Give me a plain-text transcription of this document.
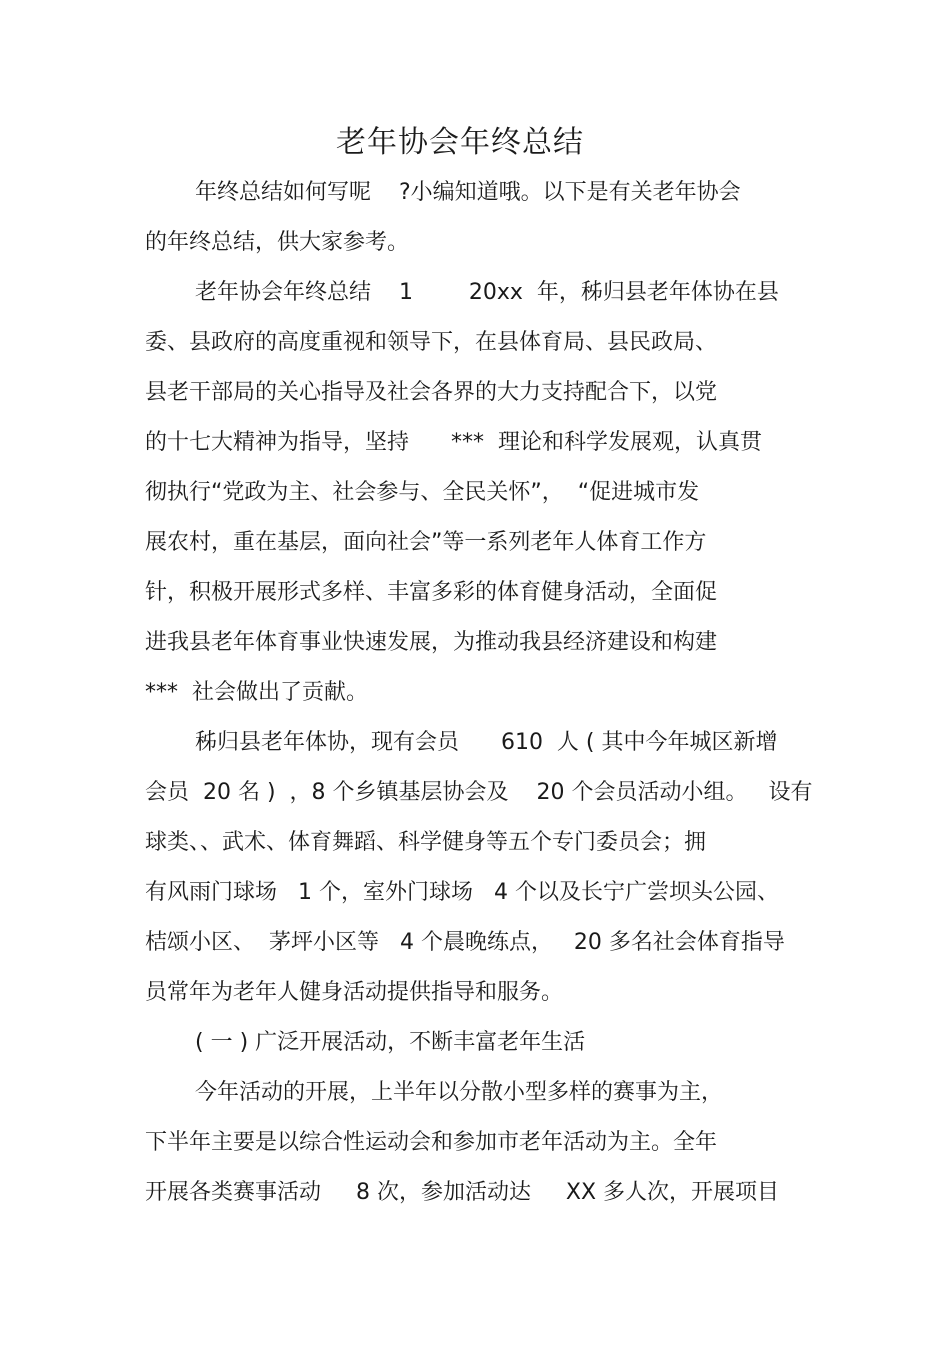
老年协会年终总结
年终总结如何写呢    ?小编知道哦。以下是有关老年协会
的年终总结，供大家参考。
老年协会年终总结    1        20xx  年，秭归县老年体协在县
委、县政府的高度重视和领导下，在县体育局、县民政局、
县老干部局的关心指导及社会各界的大力支持配合下，以党
的十七大精神为指导，坚持      ***  理论和科学发展观，认真贯
彻执行“党政为主、社会参与、全民关怀”，  “促进城市发
展农村，重在基层，面向社会”等一系列老年人体育工作方
针，积极开展形式多样、丰富多彩的体育健身活动，全面促
进我县老年体育事业快速发展，为推动我县经济建设和构建
***  社会做出了贡献。
秭归县老年体协，现有会员      610  人 ( 其中今年城区新增
会员  20 名 )  ，8 个乡镇基层协会及    20 个会员活动小组。   设有
球类、、武术、体育舞蹈、科学健身等五个专门委员会；拥
有风雨门球场   1 个，室外门球场   4 个以及长宁广尝坝头公园、
桔颂小区、  茅坪小区等   4 个晨晚练点，   20 多名社会体育指导
员常年为老年人健身活动提供指导和服务。
( 一 ) 广泛开展活动，不断丰富老年生活
今年活动的开展，上半年以分散小型多样的赛事为主，
下半年主要是以综合性运动会和参加市老年活动为主。全年
开展各类赛事活动     8 次，参加活动达     XX 多人次，开展项目
